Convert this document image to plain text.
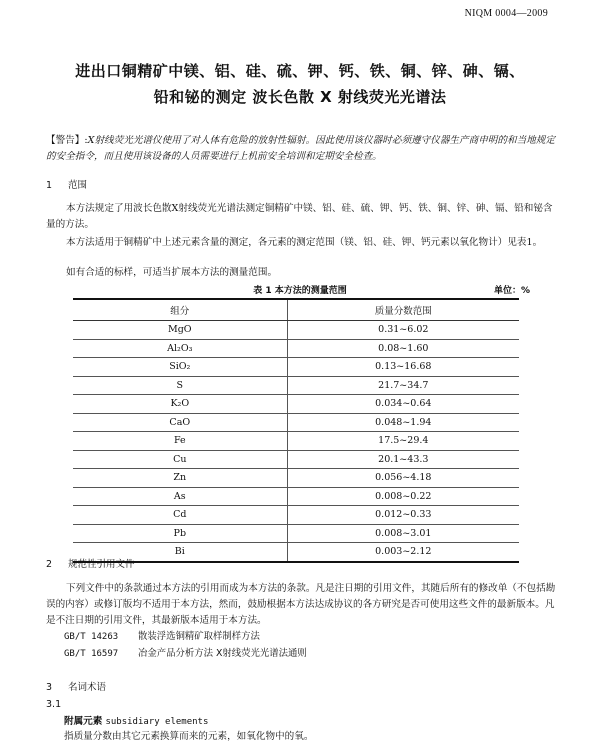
NIQM 0004—2009
进出口铜精矿中镁、铝、硅、硫、钾、钙、铁、铜、锌、砷、镉、
铅和铋的测定 波长色散 X 射线荧光光谱法
【警告】:X射线荧光光谱仪使用了对人体有危险的放射性辐射。因此使用该仪器时必须遵守仪器生产商申明的和当地规定的安全指令，而且使用该设备的人员需要进行上机前安全培训和定期安全检查。
1 范围
本方法规定了用波长色散X射线荧光光谱法测定铜精矿中镁、铝、硅、硫、钾、钙、铁、铜、锌、砷、镉、铅和铋含量的方法。
本方法适用于铜精矿中上述元素含量的测定，各元素的测定范围（镁、铝、硅、钾、钙元素以氧化物计）见表1。
如有合适的标样，可适当扩展本方法的测量范围。
表 1 本方法的测量范围	单位：%
组分	质量分数范围
MgO	0.31~6.02
Al₂O₃	0.08~1.60
SiO₂	0.13~16.68
S	21.7~34.7
K₂O	0.034~0.64
CaO	0.048~1.94
Fe	17.5~29.4
Cu	20.1~43.3
Zn	0.056~4.18
As	0.008~0.22
Cd	0.012~0.33
Pb	0.008~3.01
Bi	0.003~2.12
2 规范性引用文件
下列文件中的条款通过本方法的引用而成为本方法的条款。凡是注日期的引用文件，其随后所有的修改单（不包括勘误的内容）或修订版均不适用于本方法，然而，鼓励根据本方法达成协议的各方研究是否可使用这些文件的最新版本。凡是不注日期的引用文件，其最新版本适用于本方法。
GB/T 14263 散装浮选铜精矿取样制样方法
GB/T 16597 冶金产品分析方法 X射线荧光光谱法通则
3 名词术语
3.1
附属元素 subsidiary elements
指质量分数由其它元素换算而来的元素，如氧化物中的氧。
